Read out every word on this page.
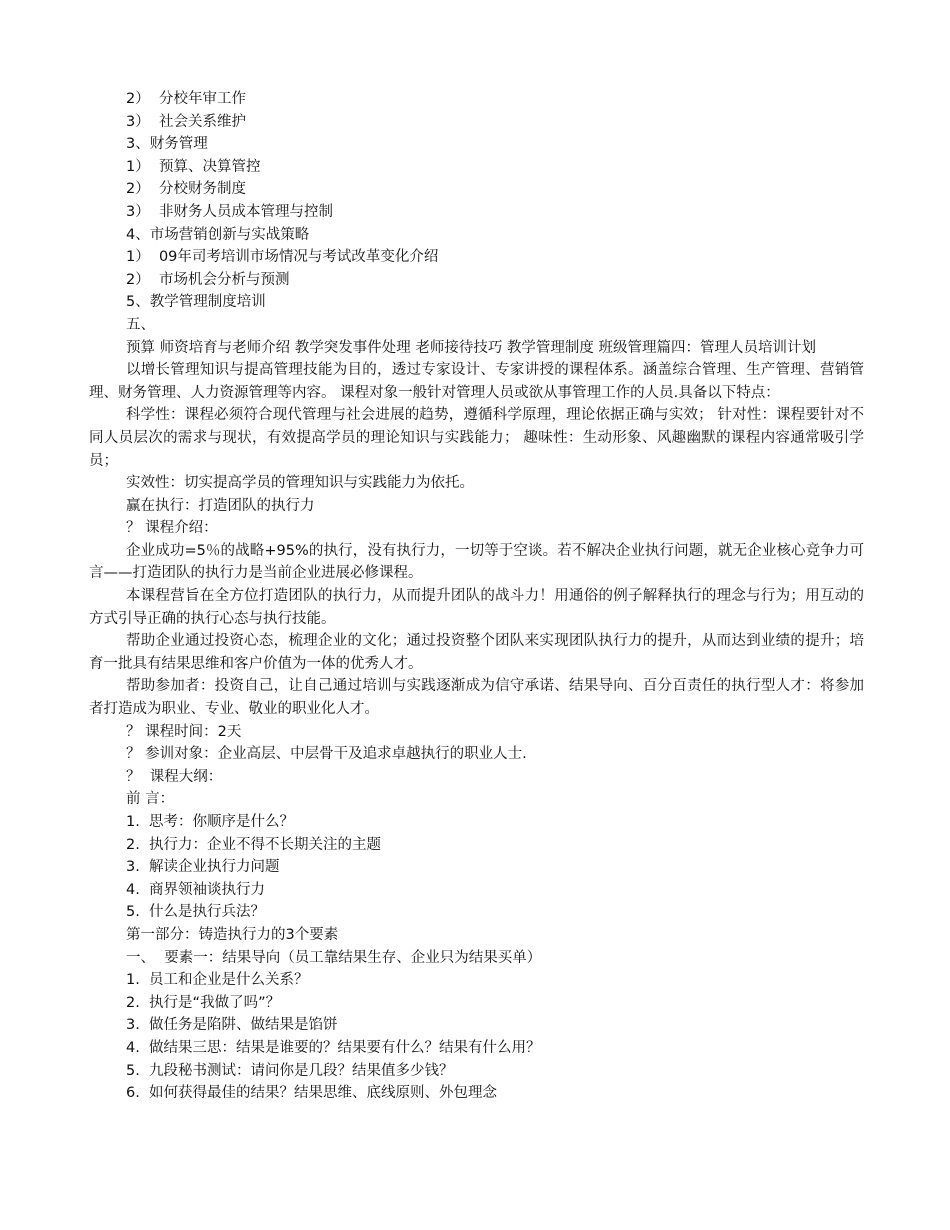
2）  分校年审工作
3）  社会关系维护
3、财务管理
1）  预算、决算管控
2）  分校财务制度
3）  非财务人员成本管理与控制
4、市场营销创新与实战策略
1）  09年司考培训市场情况与考试改革变化介绍
2）  市场机会分析与预测
5、教学管理制度培训
五、

预算 师资培育与老师介绍 教学突发事件处理 老师接待技巧 教学管理制度 班级管理篇四：管理人员培训计划

以增长管理知识与提高管理技能为目的，透过专家设计、专家讲授的课程体系。涵盖综合管理、生产管理、营销管理、财务管理、人力资源管理等内容。 课程对象一般针对管理人员或欲从事管理工作的人员.具备以下特点：

科学性：课程必须符合现代管理与社会进展的趋势，遵循科学原理，理论依据正确与实效； 针对性：课程要针对不同人员层次的需求与现状，有效提高学员的理论知识与实践能力； 趣味性：生动形象、风趣幽默的课程内容通常吸引学员；

实效性：切实提高学员的管理知识与实践能力为依托。

赢在执行：打造团队的执行力
？ 课程介绍：

企业成功=5％的战略+95%的执行，没有执行力，一切等于空谈。若不解决企业执行问题，就无企业核心竞争力可言——打造团队的执行力是当前企业进展必修课程。

本课程营旨在全方位打造团队的执行力，从而提升团队的战斗力！用通俗的例子解释执行的理念与行为；用互动的方式引导正确的执行心态与执行技能。

帮助企业通过投资心态，梳理企业的文化；通过投资整个团队来实现团队执行力的提升，从而达到业绩的提升；培育一批具有结果思维和客户价值为一体的优秀人才。

帮助参加者：投资自己，让自己通过培训与实践逐渐成为信守承诺、结果导向、百分百责任的执行型人才：将参加者打造成为职业、专业、敬业的职业化人才。

？ 课程时间：2天
？ 参训对象：企业高层、中层骨干及追求卓越执行的职业人士.
？  课程大纲：
前 言：
1.  思考：你顺序是什么？
2.  执行力：企业不得不长期关注的主题
3.  解读企业执行力问题
4.  商界领袖谈执行力
5.  什么是执行兵法？
第一部分：铸造执行力的3个要素
一、  要素一：结果导向（员工靠结果生存、企业只为结果买单）
1.  员工和企业是什么关系？
2.  执行是“我做了吗”？
3.  做任务是陷阱、做结果是馅饼
4.  做结果三思：结果是谁要的？结果要有什么？结果有什么用？
5.  九段秘书测试：请问你是几段？结果值多少钱？
6.  如何获得最佳的结果？结果思维、底线原则、外包理念
